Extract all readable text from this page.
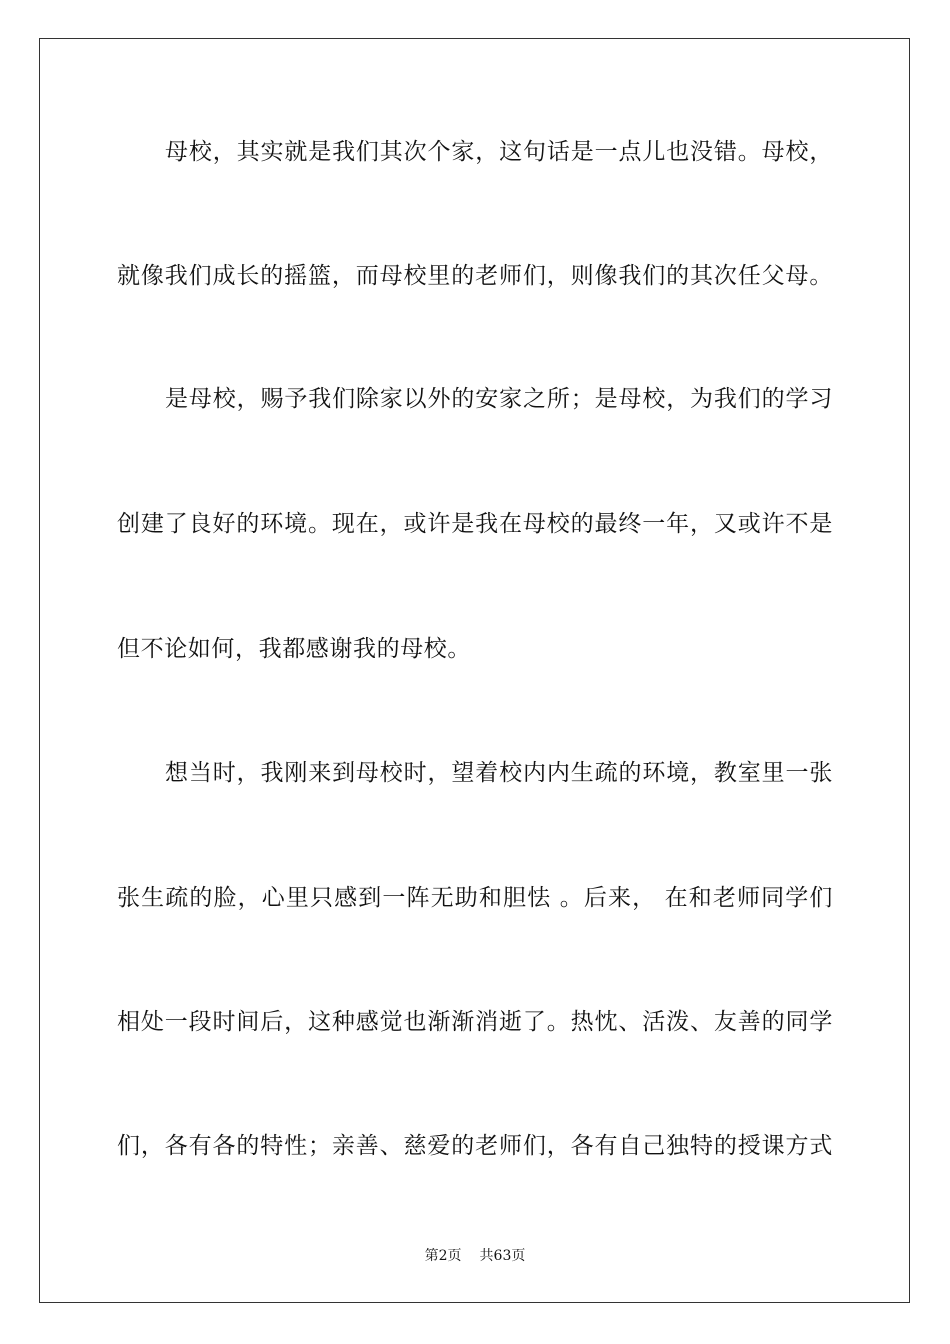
母校，其实就是我们其次个家，这句话是一点儿也没错。母校，
就像我们成长的摇篮，而母校里的老师们，则像我们的其次任父母。
是母校，赐予我们除家以外的安家之所；是母校，为我们的学习
创建了良好的环境。现在，或许是我在母校的最终一年，又或许不是
但不论如何，我都感谢我的母校。
想当时，我刚来到母校时，望着校内内生疏的环境，教室里一张
张生疏的脸，心里只感到一阵无助和胆怯 。后来， 在和老师同学们
相处一段时间后，这种感觉也渐渐消逝了。热忱、活泼、友善的同学
们，各有各的特性；亲善、慈爱的老师们，各有自己独特的授课方式
第2页 共63页
